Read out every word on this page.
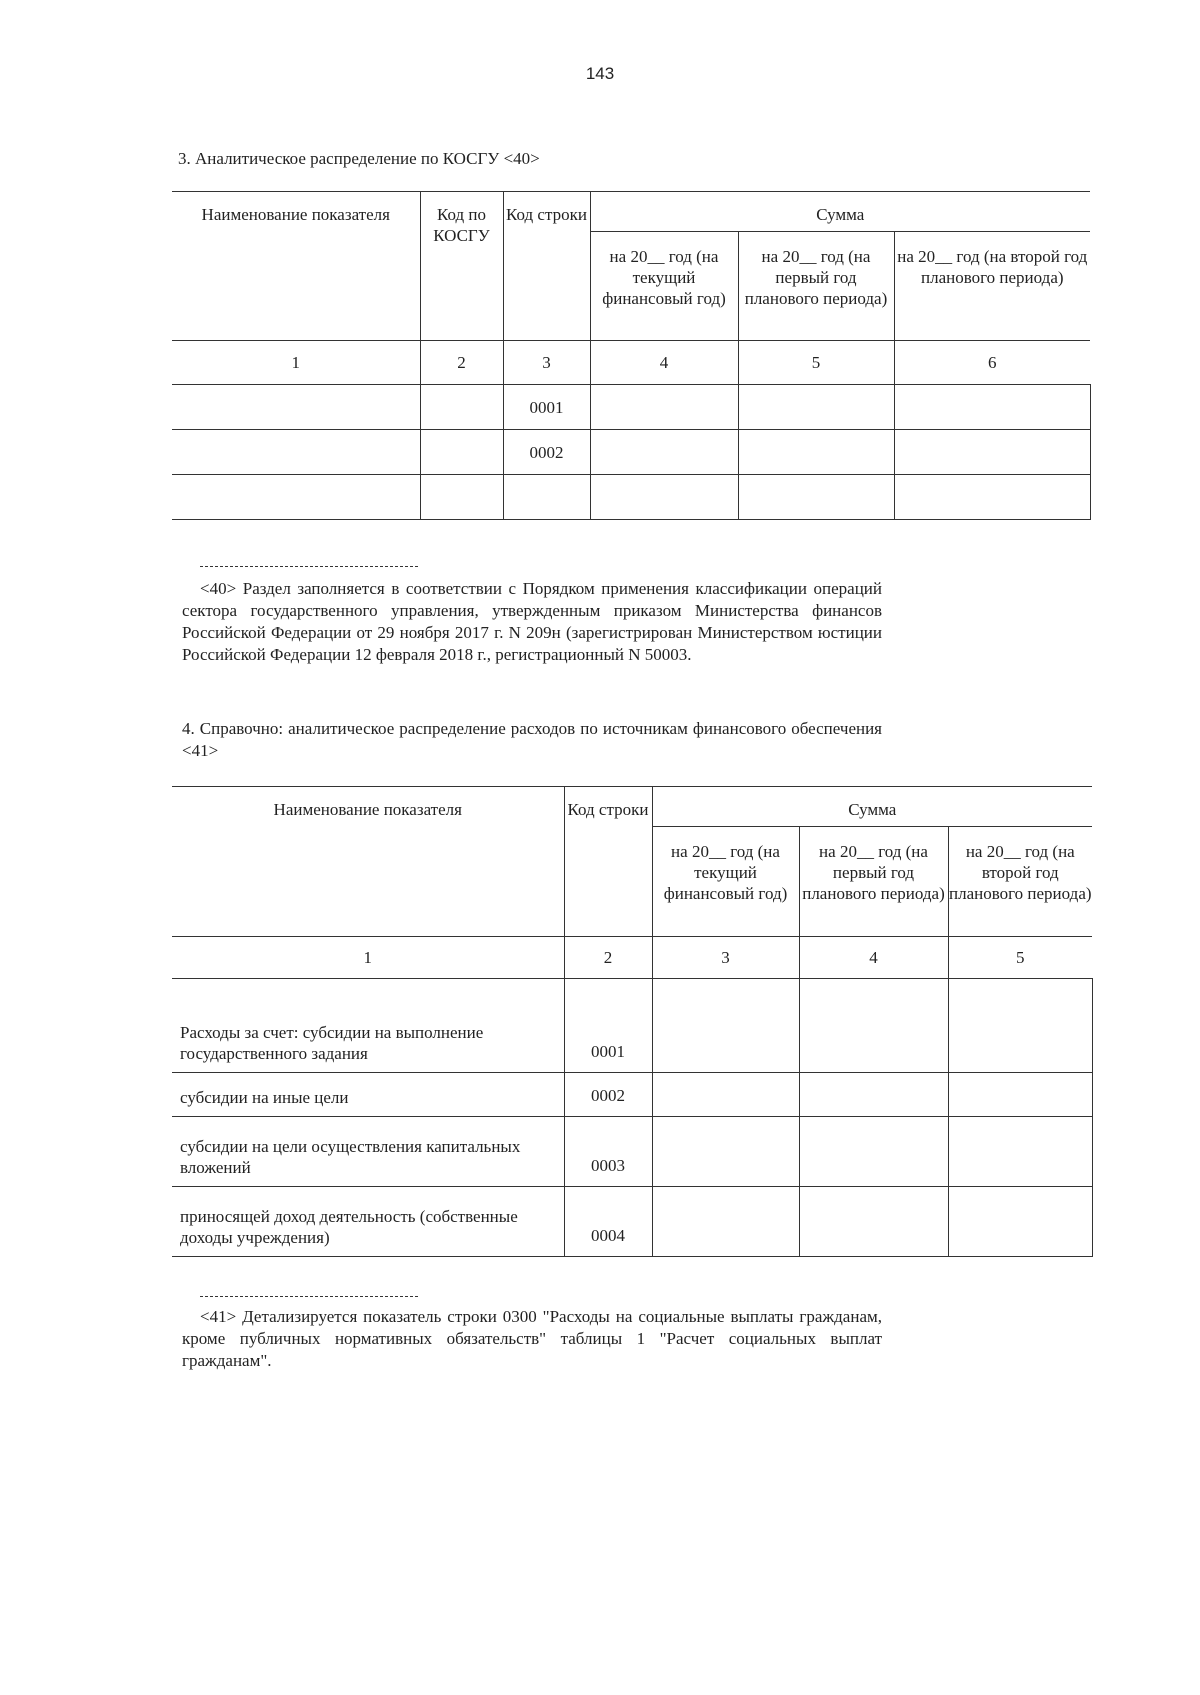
143
3. Аналитическое распределение по КОСГУ <40>
Наименование показателя	Код по КОСГУ	Код строки	Сумма		
			на 20__ год (на текущий финансовый год)	на 20__ год (на первый год планового периода)	на 20__ год (на второй год планового периода)
1	2	3	4	5	6
		0001			
		0002			

<40> Раздел заполняется в соответствии с Порядком применения классификации операций сектора государственного управления, утвержденным приказом Министерства финансов Российской Федерации от 29 ноября 2017 г. N 209н (зарегистрирован Министерством юстиции Российской Федерации 12 февраля 2018 г., регистрационный N 50003.
4. Справочно: аналитическое распределение расходов по источникам финансового обеспечения <41>
Наименование показателя	Код строки	Сумма		
		на 20__ год (на текущий финансовый год)	на 20__ год (на первый год планового периода)	на 20__ год (на второй год планового периода)
1	2	3	4	5
Расходы за счет: субсидии на выполнение государственного задания	0001			
субсидии на иные цели	0002			
субсидии на цели осуществления капитальных вложений	0003			
приносящей доход деятельность (собственные доходы учреждения)	0004			
<41> Детализируется показатель строки 0300 "Расходы на социальные выплаты гражданам, кроме публичных нормативных обязательств" таблицы 1 "Расчет социальных выплат гражданам".
